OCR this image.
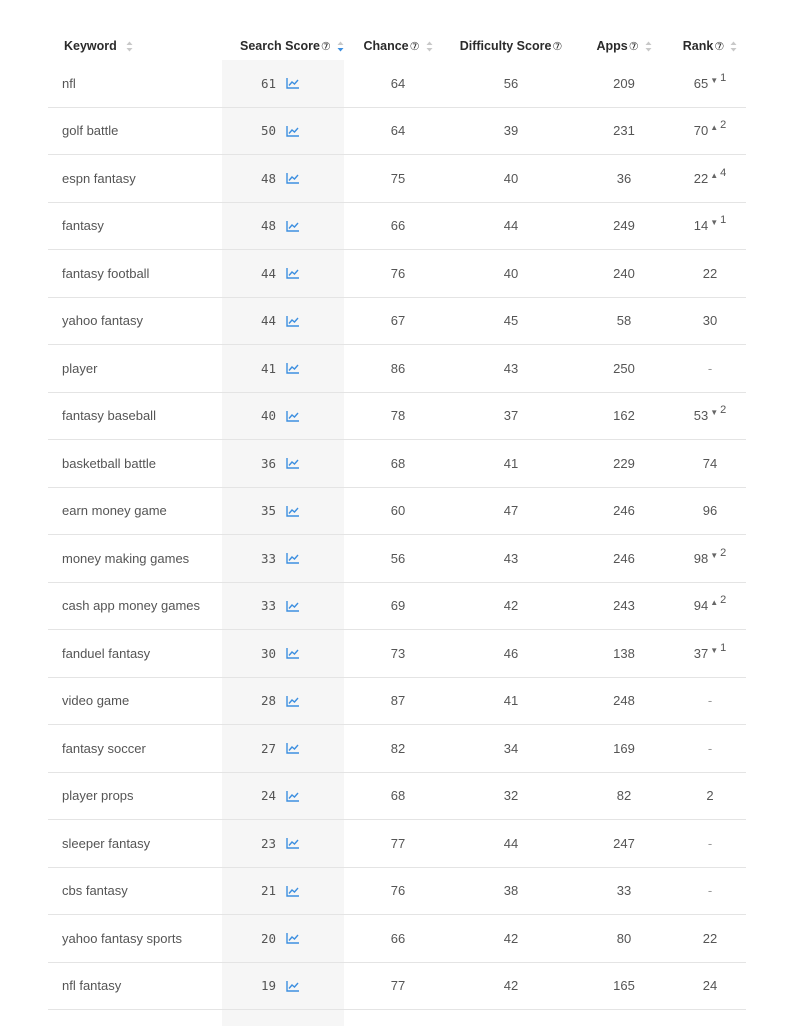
Keyword	Search Score ⑦	Chance ⑦	Difficulty Score ⑦	Apps ⑦	Rank ⑦
nfl	61	64	56	209	65 ▼ 1
golf battle	50	64	39	231	70 ▲ 2
espn fantasy	48	75	40	36	22 ▲ 4
fantasy	48	66	44	249	14 ▼ 1
fantasy football	44	76	40	240	22
yahoo fantasy	44	67	45	58	30
player	41	86	43	250	-
fantasy baseball	40	78	37	162	53 ▼ 2
basketball battle	36	68	41	229	74
earn money game	35	60	47	246	96
money making games	33	56	43	246	98 ▼ 2
cash app money games	33	69	42	243	94 ▲ 2
fanduel fantasy	30	73	46	138	37 ▼ 1
video game	28	87	41	248	-
fantasy soccer	27	82	34	169	-
player props	24	68	32	82	2
sleeper fantasy	23	77	44	247	-
cbs fantasy	21	76	38	33	-
yahoo fantasy sports	20	66	42	80	22
nfl fantasy	19	77	42	165	24
